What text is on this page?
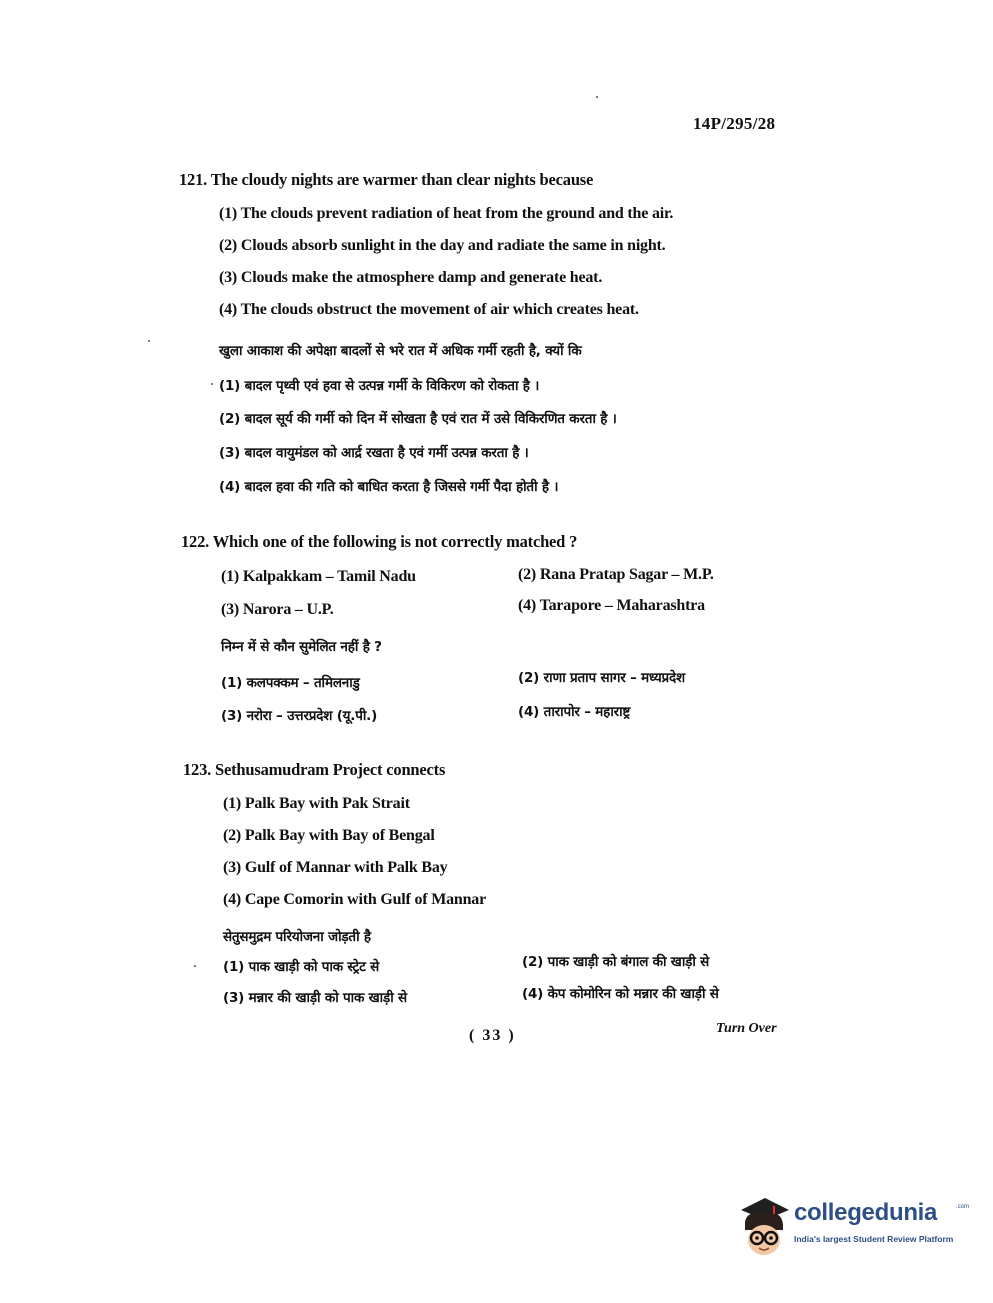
14P/295/28
121. The cloudy nights are warmer than clear nights because
(1) The clouds prevent radiation of heat from the ground and the air.
(2) Clouds absorb sunlight in the day and radiate the same in night.
(3) Clouds make the atmosphere damp and generate heat.
(4) The clouds obstruct the movement of air which creates heat.
खुला आकाश की अपेक्षा बादलों से भरे रात में अधिक गर्मी रहती है, क्यों कि
(1) बादल पृथ्वी एवं हवा से उत्पन्न गर्मी के विकिरण को रोकता है ।
(2) बादल सूर्य की गर्मी को दिन में सोखता है एवं रात में उसे विकिरणित करता है ।
(3) बादल वायुमंडल को आर्द्र रखता है एवं गर्मी उत्पन्न करता है ।
(4) बादल हवा की गति को बाधित करता है जिससे गर्मी पैदा होती है ।
122. Which one of the following is not correctly matched ?
(1) Kalpakkam – Tamil Nadu	(2) Rana Pratap Sagar – M.P.
(3) Narora – U.P.	(4) Tarapore – Maharashtra
निम्न में से कौन सुमेलित नहीं है ?
(1) कलपक्कम – तमिलनाडु	(2) राणा प्रताप सागर – मध्यप्रदेश
(3) नरोरा – उत्तरप्रदेश (यू.पी.)	(4) तारापोर – महाराष्ट्र
123. Sethusamudram Project connects
(1) Palk Bay with Pak Strait
(2) Palk Bay with Bay of Bengal
(3) Gulf of Mannar with Palk Bay
(4) Cape Comorin with Gulf of Mannar
सेतुसमुद्रम परियोजना जोड़ती है
(1) पाक खाड़ी को पाक स्ट्रेट से	(2) पाक खाड़ी को बंगाल की खाड़ी से
(3) मन्नार की खाड़ी को पाक खाड़ी से	(4) केप कोमोरिन को मन्नार की खाड़ी से
( 33 )	Turn Over
collegedunia	.com
India's largest Student Review Platform
